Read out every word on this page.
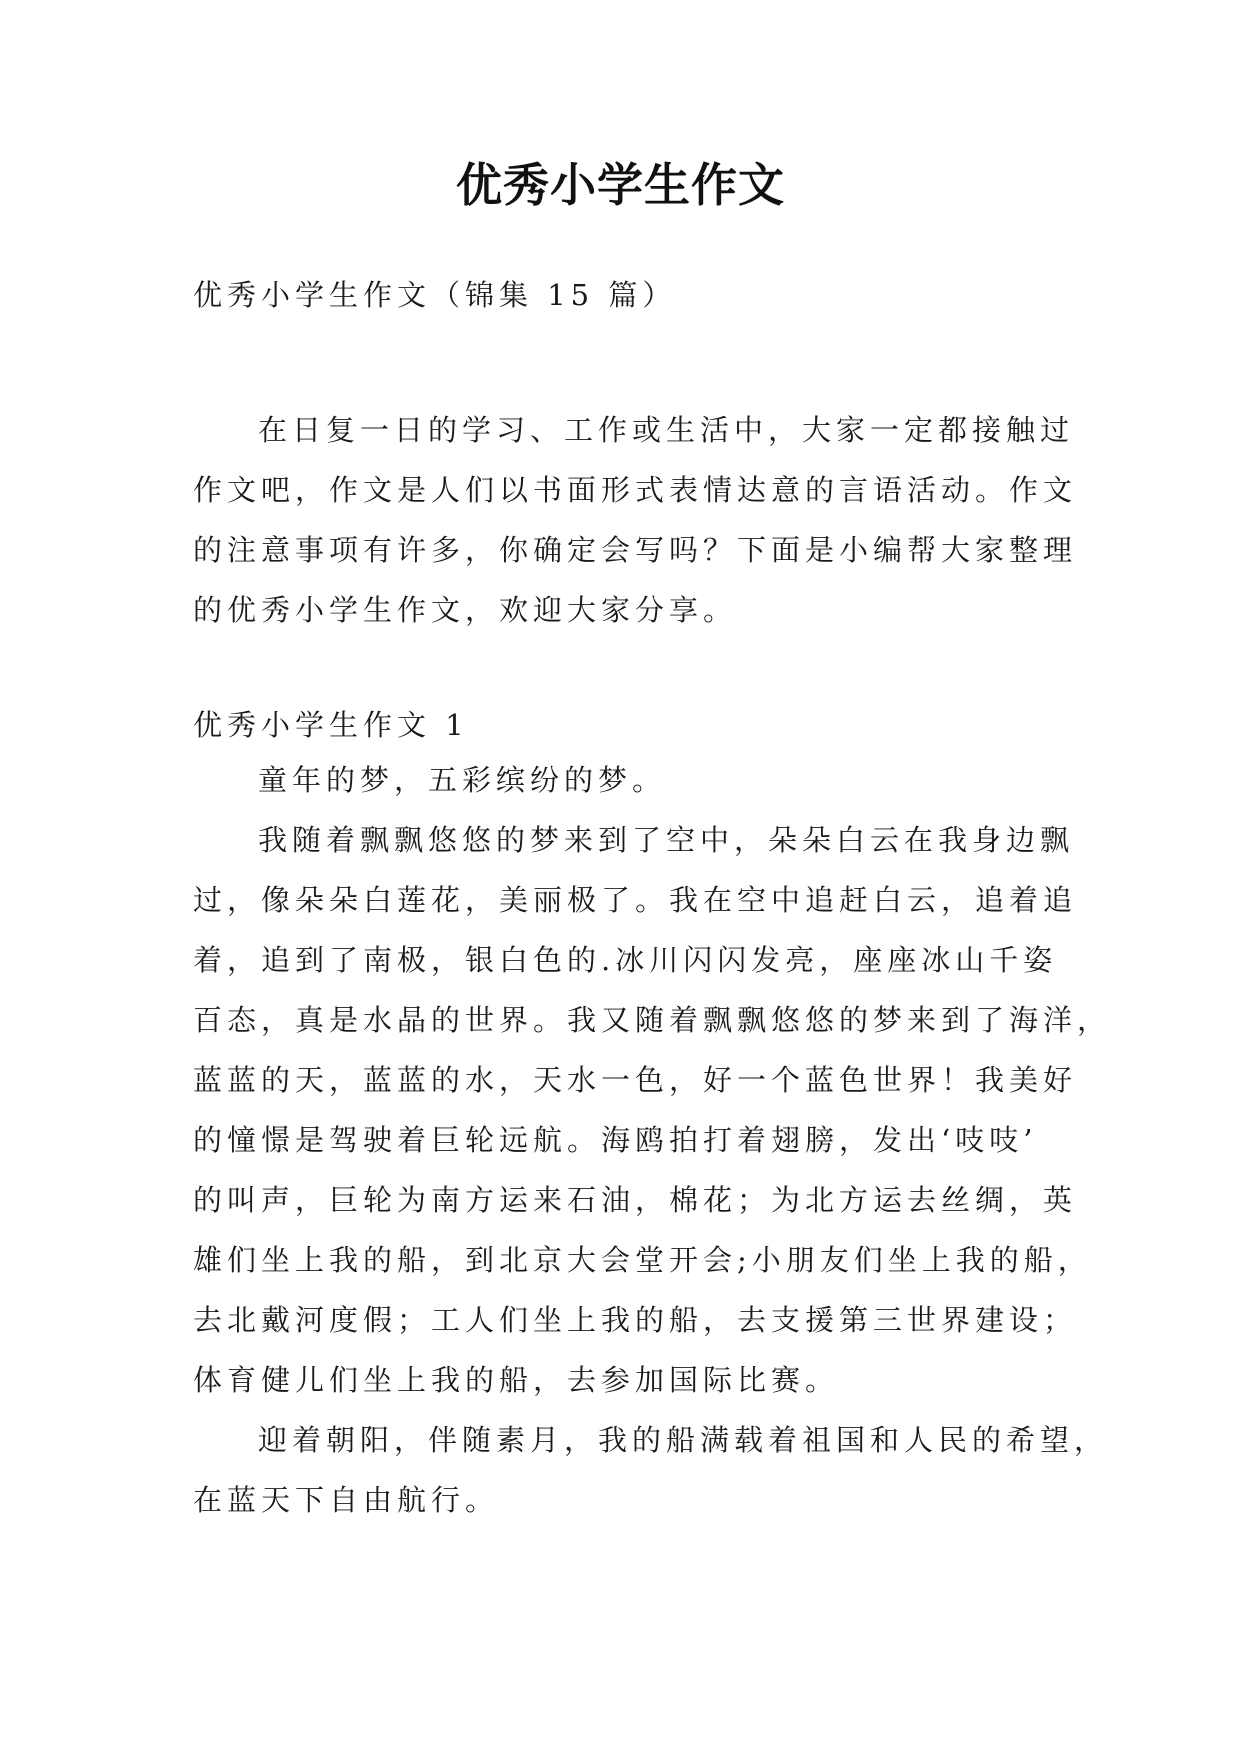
优秀小学生作文
优秀小学生作文（锦集 15 篇）
在日复一日的学习、工作或生活中，大家一定都接触过
作文吧，作文是人们以书面形式表情达意的言语活动。作文
的注意事项有许多，你确定会写吗？下面是小编帮大家整理
的优秀小学生作文，欢迎大家分享。
优秀小学生作文 1
童年的梦，五彩缤纷的梦。
我随着飘飘悠悠的梦来到了空中，朵朵白云在我身边飘
过，像朵朵白莲花，美丽极了。我在空中追赶白云，追着追
着，追到了南极，银白色的.冰川闪闪发亮，座座冰山千姿
百态，真是水晶的世界。我又随着飘飘悠悠的梦来到了海洋，
蓝蓝的天，蓝蓝的水，天水一色，好一个蓝色世界！我美好
的憧憬是驾驶着巨轮远航。海鸥拍打着翅膀，发出‘吱吱’
的叫声，巨轮为南方运来石油，棉花；为北方运去丝绸，英
雄们坐上我的船，到北京大会堂开会;小朋友们坐上我的船，
去北戴河度假；工人们坐上我的船，去支援第三世界建设；
体育健儿们坐上我的船，去参加国际比赛。
迎着朝阳，伴随素月，我的船满载着祖国和人民的希望，
在蓝天下自由航行。
